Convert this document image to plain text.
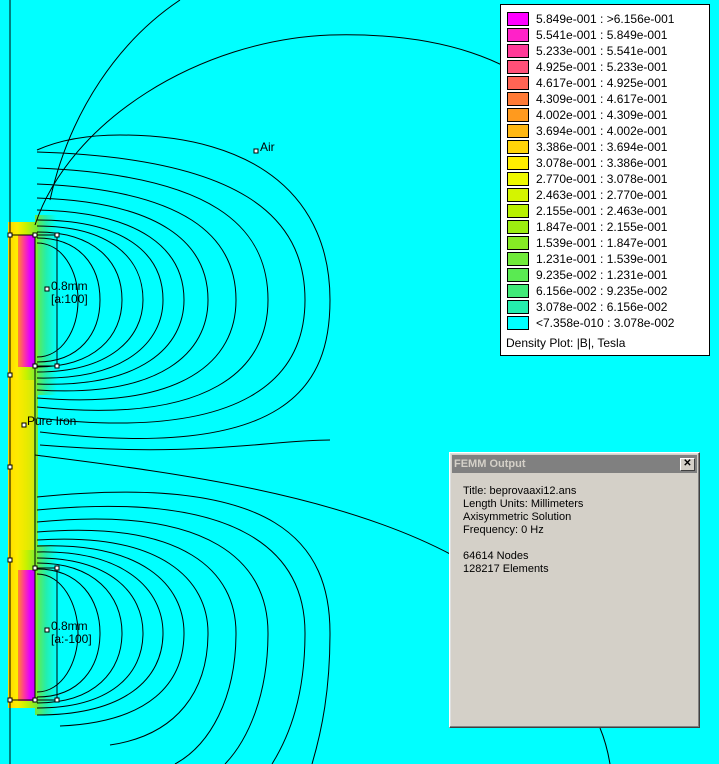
Air
Pure Iron
0.8mm
[a:100]
0.8mm
[a:-100]
5.849e-001 : >6.156e-001
5.541e-001 : 5.849e-001
5.233e-001 : 5.541e-001
4.925e-001 : 5.233e-001
4.617e-001 : 4.925e-001
4.309e-001 : 4.617e-001
4.002e-001 : 4.309e-001
3.694e-001 : 4.002e-001
3.386e-001 : 3.694e-001
3.078e-001 : 3.386e-001
2.770e-001 : 3.078e-001
2.463e-001 : 2.770e-001
2.155e-001 : 2.463e-001
1.847e-001 : 2.155e-001
1.539e-001 : 1.847e-001
1.231e-001 : 1.539e-001
9.235e-002 : 1.231e-001
6.156e-002 : 9.235e-002
3.078e-002 : 6.156e-002
<7.358e-010 : 3.078e-002
Density Plot: |B|, Tesla
FEMM Output	✕
Title: beprovaaxi12.ans
Length Units: Millimeters
Axisymmetric Solution
Frequency: 0 Hz
64614 Nodes
128217 Elements
